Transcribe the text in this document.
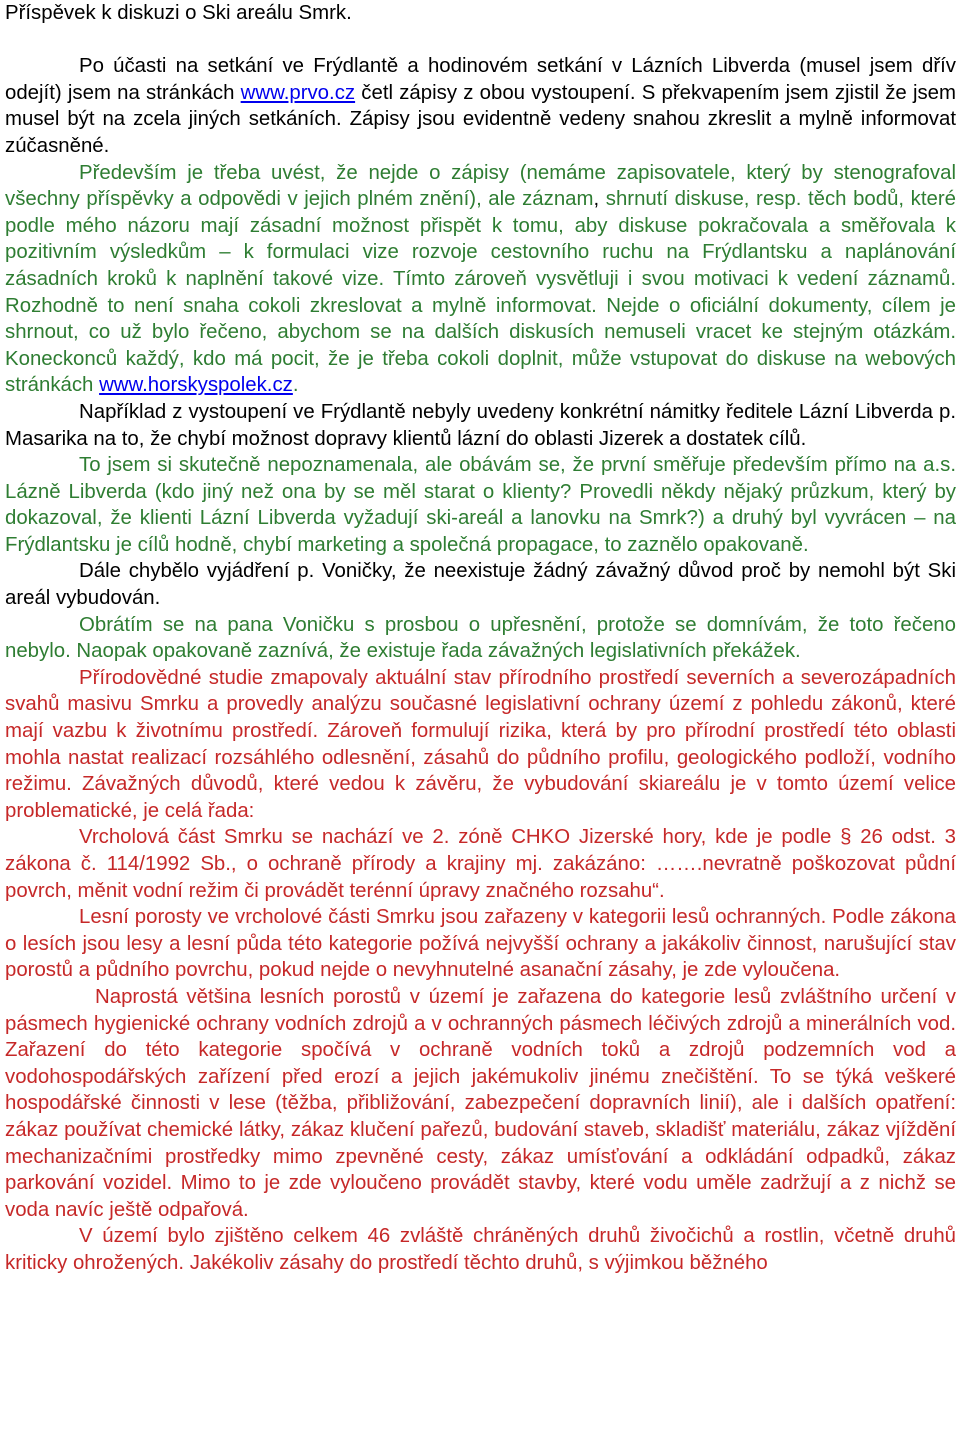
Příspěvek k diskuzi o Ski areálu Smrk.

Po účasti na setkání ve Frýdlantě a hodinovém setkání v Lázních Libverda (musel jsem dřív odejít) jsem na stránkách www.prvo.cz četl zápisy z obou vystoupení. S překvapením jsem zjistil že jsem musel být na zcela jiných setkáních. Zápisy jsou evidentně vedeny snahou zkreslit a mylně informovat zúčasněné.

Především je třeba uvést, že nejde o zápisy (nemáme zapisovatele, který by stenografoval všechny příspěvky a odpovědi v jejich plném znění), ale záznam, shrnutí diskuse, resp. těch bodů, které podle mého názoru mají zásadní možnost přispět k tomu, aby diskuse pokračovala a směřovala k pozitivním výsledkům – k formulaci vize rozvoje cestovního ruchu na Frýdlantsku a naplánování zásadních kroků k naplnění takové vize. Tímto zároveň vysvětluji i svou motivaci k vedení záznamů. Rozhodně to není snaha cokoli zkreslovat a mylně informovat. Nejde o oficiální dokumenty, cílem je shrnout, co už bylo řečeno, abychom se na dalších diskusích nemuseli vracet ke stejným otázkám. Koneckonců každý, kdo má pocit, že je třeba cokoli doplnit, může vstupovat do diskuse na webových stránkách www.horskyspolek.cz.

Například z vystoupení ve Frýdlantě nebyly uvedeny konkrétní námitky ředitele Lázní Libverda p. Masarika na to, že chybí možnost dopravy klientů lázní do oblasti Jizerek a dostatek cílů.

To jsem si skutečně nepoznamenala, ale obávám se, že první směřuje především přímo na a.s. Lázně Libverda (kdo jiný než ona by se měl starat o klienty? Provedli někdy nějaký průzkum, který by dokazoval, že klienti Lázní Libverda vyžadují ski-areál a lanovku na Smrk?) a druhý byl vyvrácen – na Frýdlantsku je cílů hodně, chybí marketing a společná propagace, to zaznělo opakovaně.

Dále chybělo vyjádření p. Voničky, že neexistuje žádný závažný důvod proč by nemohl být Ski areál vybudován.

Obrátím se na pana Voničku s prosbou o upřesnění, protože se domnívám, že toto řečeno nebylo. Naopak opakovaně zaznívá, že existuje řada závažných legislativních překážek.

Přírodovědné studie zmapovaly aktuální stav přírodního prostředí severních a severozápadních svahů masivu Smrku a provedly analýzu současné legislativní ochrany území z pohledu zákonů, které mají vazbu k životnímu prostředí. Zároveň formulují rizika, která by pro přírodní prostředí této oblasti mohla nastat realizací rozsáhlého odlesnění, zásahů do půdního profilu, geologického podloží, vodního režimu. Závažných důvodů, které vedou k závěru, že vybudování skiareálu je v tomto území velice problematické, je celá řada:

Vrcholová část Smrku se nachází ve 2. zóně CHKO Jizerské hory, kde je podle § 26 odst. 3 zákona č. 114/1992 Sb., o ochraně přírody a krajiny mj. zakázáno: …….nevratně poškozovat půdní povrch, měnit vodní režim či provádět terénní úpravy značného rozsahu“.

Lesní porosty ve vrcholové části Smrku jsou zařazeny v kategorii lesů ochranných. Podle zákona o lesích jsou lesy a lesní půda této kategorie požívá nejvyšší ochrany a jakákoliv činnost, narušující stav porostů a půdního povrchu, pokud nejde o nevyhnutelné asanační zásahy, je zde vyloučena.

Naprostá většina lesních porostů v území je zařazena do kategorie lesů zvláštního určení v pásmech hygienické ochrany vodních zdrojů a v ochranných pásmech léčivých zdrojů a minerálních vod. Zařazení do této kategorie spočívá v ochraně vodních toků a zdrojů podzemních vod a vodohospodářských zařízení před erozí a jejich jakémukoliv jinému znečištění. To se týká veškeré hospodářské činnosti v lese (těžba, přibližování, zabezpečení dopravních linií), ale i dalších opatření: zákaz používat chemické látky, zákaz klučení pařezů, budování staveb, skladišť materiálu, zákaz vjíždění mechanizačními prostředky mimo zpevněné cesty, zákaz umísťování a odkládání odpadků, zákaz parkování vozidel. Mimo to je zde vyloučeno provádět stavby, které vodu uměle zadržují a z nichž se voda navíc ještě odpařová.

V území bylo zjištěno celkem 46 zvláště chráněných druhů živočichů a rostlin, včetně druhů kriticky ohrožených. Jakékoliv zásahy do prostředí těchto druhů, s výjimkou běžného
